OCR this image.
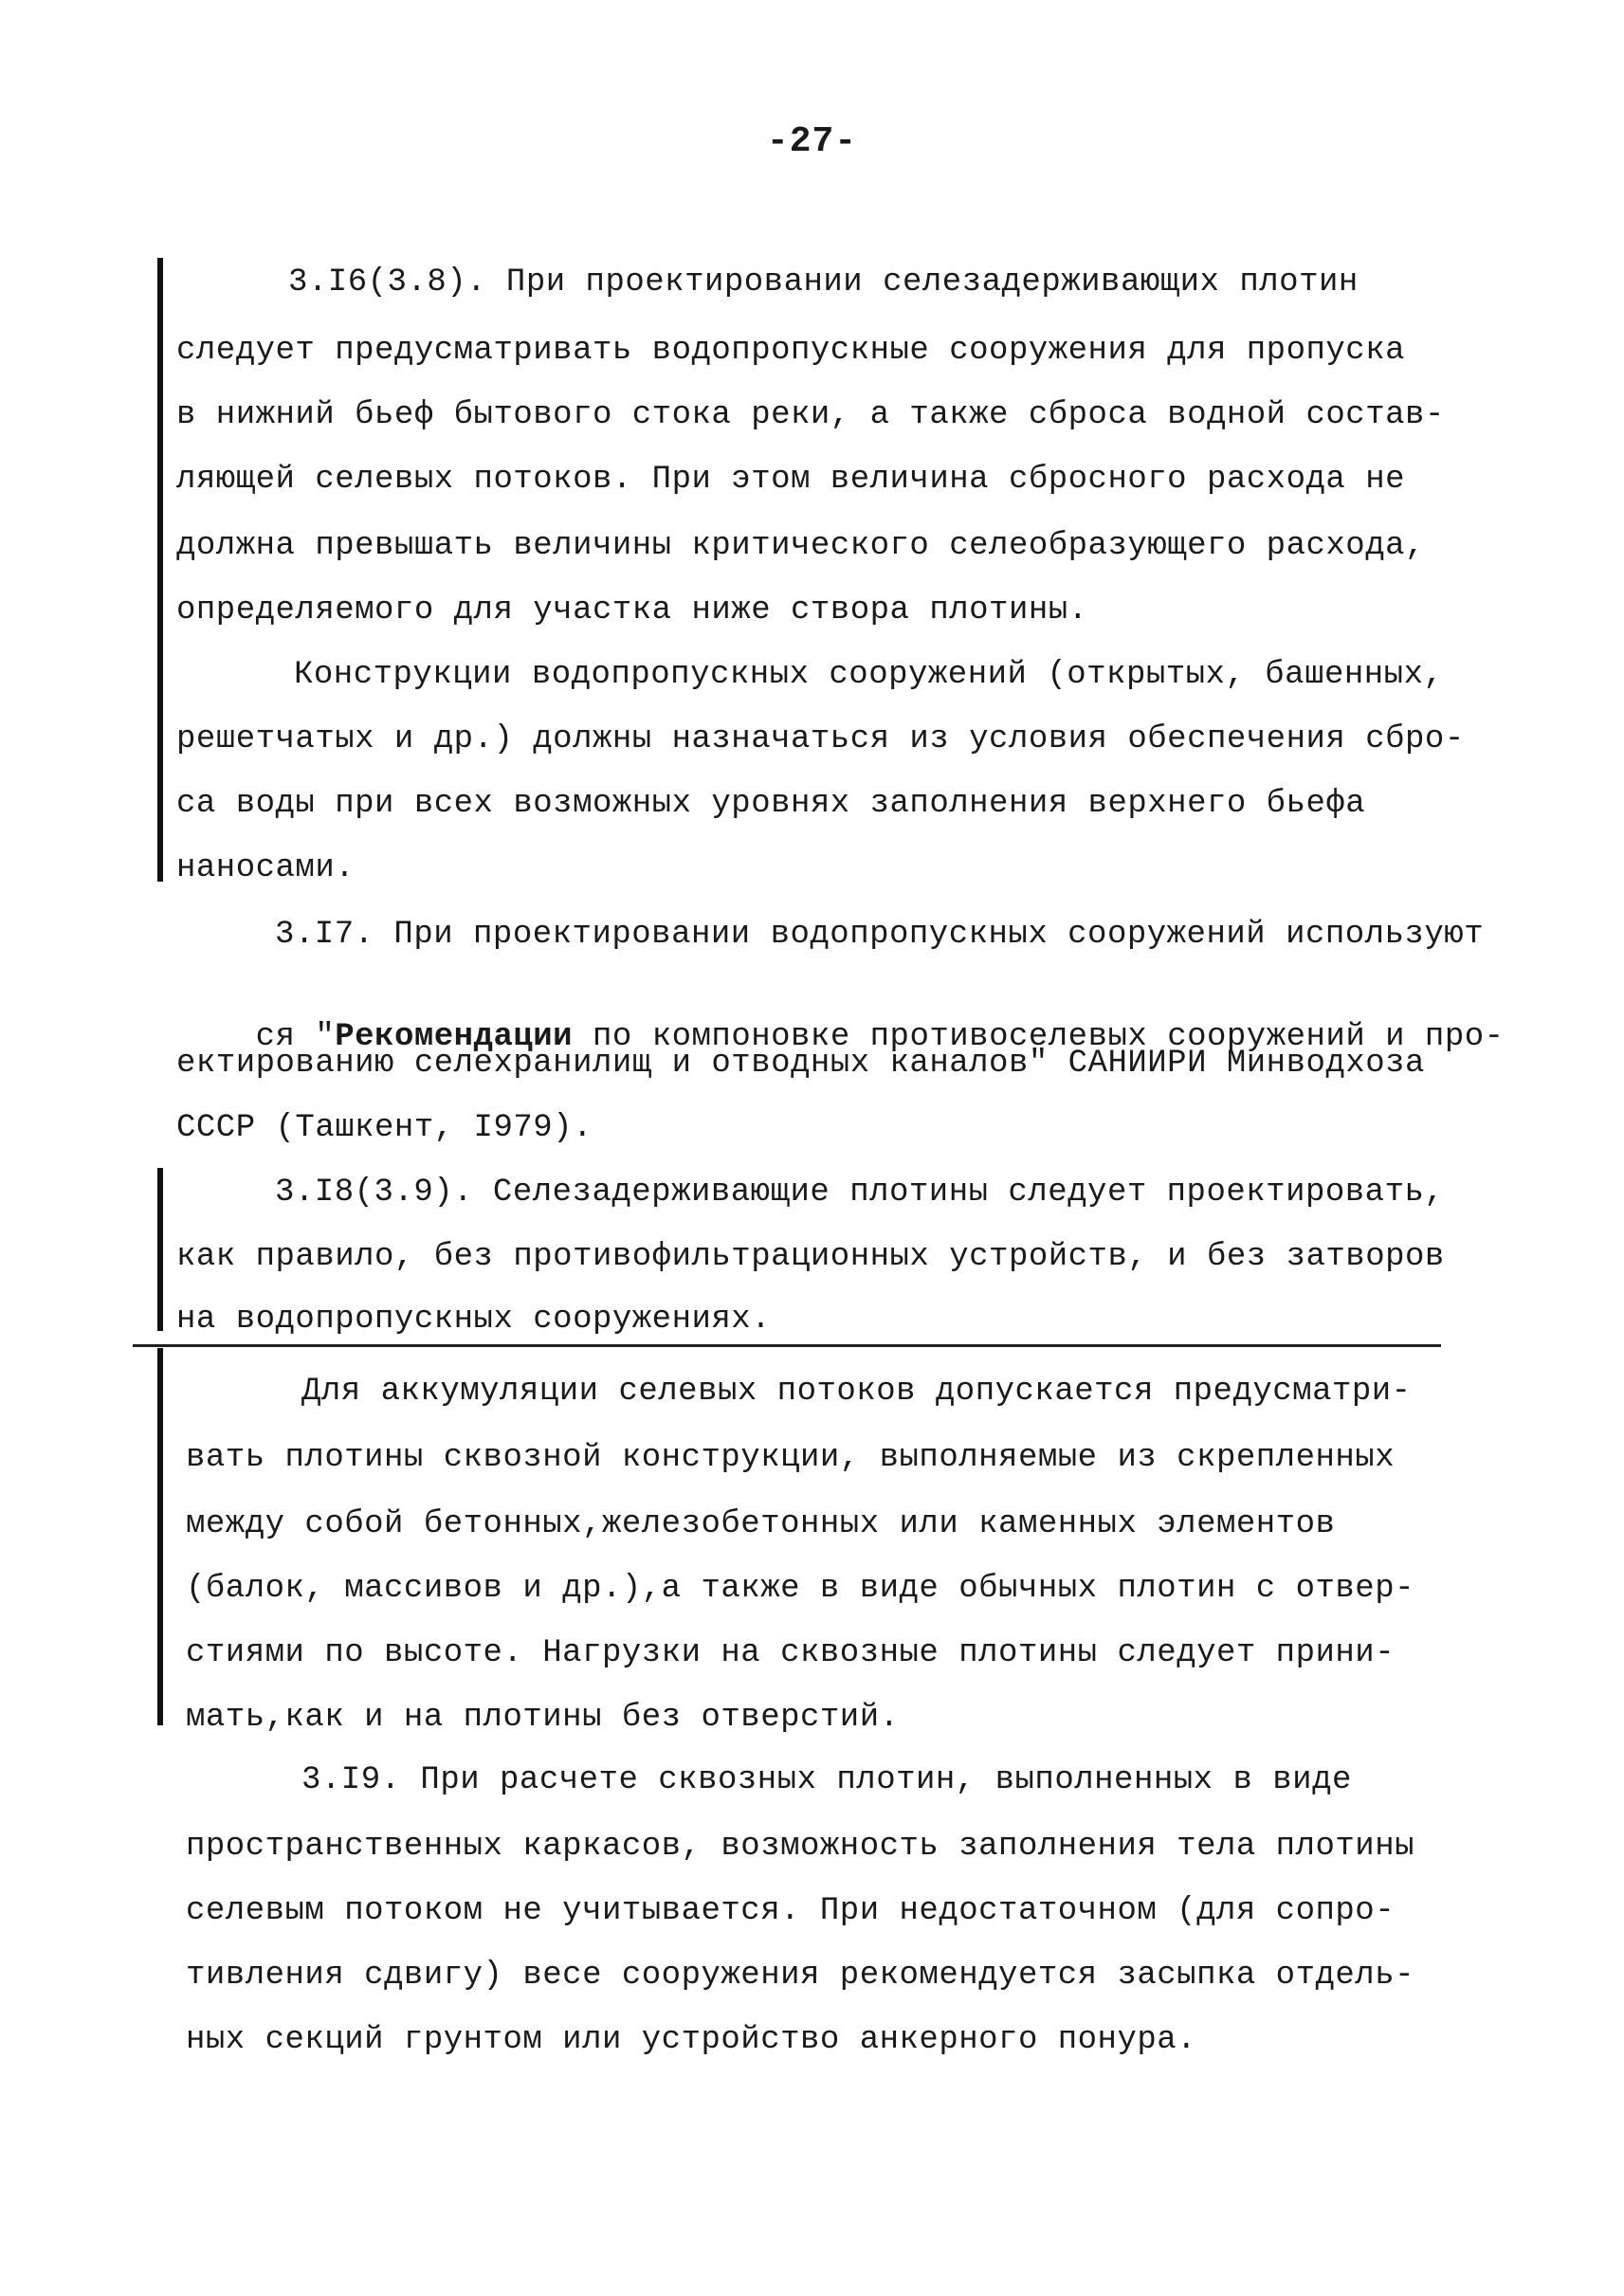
-27-
3.I6(3.8). При проектировании селезадерживающих плотин
следует предусматривать водопропускные сооружения для пропуска
в нижний бьеф бытового стока реки, а также сброса водной состав-
ляющей селевых потоков. При этом величина сбросного расхода не
должна превышать величины критического селеобразующего расхода,
определяемого для участка ниже створа плотины.
Конструкции водопропускных сооружений (открытых, башенных,
решетчатых и др.) должны назначаться из условия обеспечения сбро-
са воды при всех возможных уровнях заполнения верхнего бьефа
наносами.
3.I7. При проектировании водопропускных сооружений используют

ся "Рекомендации по компоновке противоселевых сооружений и про-

ектированию селехранилищ и отводных каналов" САНИИРИ Минводхоза
СССР (Ташкент, I979).
3.I8(3.9). Селезадерживающие плотины следует проектировать,
как правило, без противофильтрационных устройств, и без затворов
на водопропускных сооружениях.
Для аккумуляции селевых потоков допускается предусматри-
вать плотины сквозной конструкции, выполняемые из скрепленных
между собой бетонных,железобетонных или каменных элементов
(балок, массивов и др.),а также в виде обычных плотин с отвер-
стиями по высоте. Нагрузки на сквозные плотины следует прини-
мать,как и на плотины без отверстий.
3.I9. При расчете сквозных плотин, выполненных в виде
пространственных каркасов, возможность заполнения тела плотины
селевым потоком не учитывается. При недостаточном (для сопро-
тивления сдвигу) весе сооружения рекомендуется засыпка отдель-
ных секций грунтом или устройство анкерного понура.
